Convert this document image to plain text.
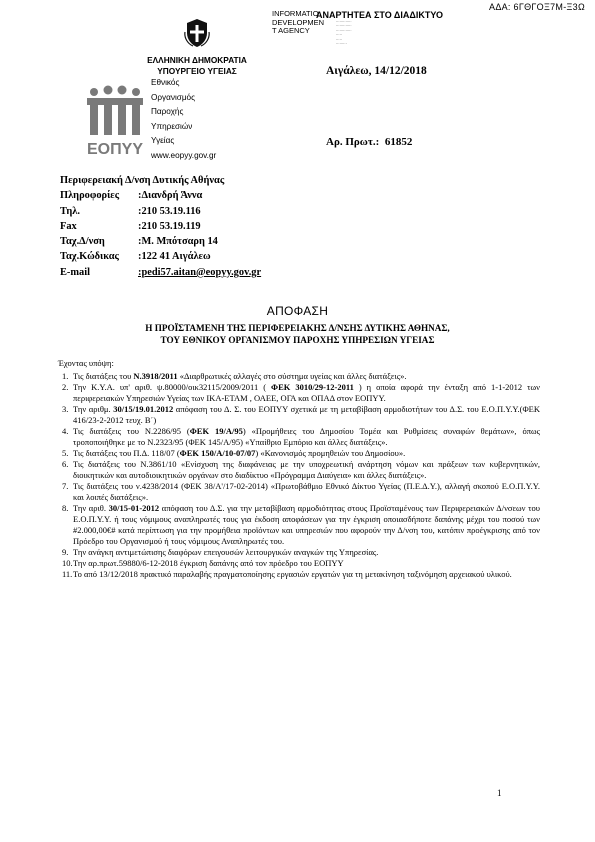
ΑΔΑ: 6ΓΘΓΟΞ7Μ-Ξ3Ω
INFORMATIO
DEVELOPMEN
T AGENCY
ΑΝΑΡΤΗΤΕΑ ΣΤΟ ΔΙΑΔΙΚΤΥΟ
·············
·············
·············
·····
·····
·········
ΕΛΛΗΝΙΚΗ ΔΗΜΟΚΡΑΤΙΑ
ΥΠΟΥΡΓΕΙΟ ΥΓΕΙΑΣ
ΕΟΠΥΥ
Εθνικός
Οργανισμός
Παροχής
Υπηρεσιών
Υγείας
www.eopyy.gov.gr
Αιγάλεω, 14/12/2018
Αρ. Πρωτ.: 61852
Περιφερειακή Δ/νση Δυτικής Αθήνας
Πληροφορίες	:Διανδρή Άννα
Τηλ.	:210 53.19.116
Fax	:210 53.19.119
Ταχ.Δ/νση	:Μ. Μπότσαρη 14
Ταχ.Κώδικας	:122 41 Αιγάλεω
E-mail	:pedi57.aitan@eopyy.gov.gr
ΑΠΟΦΑΣΗ
Η ΠΡΟΪΣΤΑΜΕΝΗ ΤΗΣ ΠΕΡΙΦΕΡΕΙΑΚΗΣ Δ/ΝΣΗΣ ΔΥΤΙΚΗΣ ΑΘΗΝΑΣ,
ΤΟΥ ΕΘΝΙΚΟΥ ΟΡΓΑΝΙΣΜΟΥ ΠΑΡΟΧΗΣ ΥΠΗΡΕΣΙΩΝ ΥΓΕΙΑΣ
Έχοντας υπόψη:
1. Τις διατάξεις του Ν.3918/2011 «Διαρθρωτικές αλλαγές στο σύστημα υγείας και άλλες διατάξεις».
2. Την Κ.Υ.Α. υπ' αριθ. ψ.80000/οικ32115/2009/2011 ( ΦΕΚ 3010/29-12-2011 ) η οποία αφορά την ένταξη από 1-1-2012 των περιφερειακών Υπηρεσιών Υγείας των ΙΚΑ-ΕΤΑΜ , ΟΑΕΕ, ΟΓΑ και ΟΠΑΔ στον ΕΟΠΥΥ.
3. Την αριθμ. 30/15/19.01.2012 απόφαση του Δ. Σ. του ΕΟΠΥΥ σχετικά με τη μεταβίβαση αρμοδιοτήτων του Δ.Σ. του Ε.Ο.Π.Υ.Υ.(ΦΕΚ 416/23-2-2012 τευχ. Β΄)
4. Τις διατάξεις του Ν.2286/95 (ΦΕΚ 19/Α/95) «Προμήθειες του Δημοσίου Τομέα και Ρυθμίσεις συναφών θεμάτων», όπως τροποποιήθηκε με το Ν.2323/95 (ΦΕΚ 145/Α/95) «Υπαίθριο Εμπόριο και άλλες διατάξεις».
5. Τις διατάξεις του Π.Δ. 118/07 (ΦΕΚ 150/Α/10-07/07) «Κανονισμός προμηθειών του Δημοσίου».
6. Τις διατάξεις του Ν.3861/10 «Ενίσχυση της διαφάνειας με την υποχρεωτική ανάρτηση νόμων και πράξεων των κυβερνητικών, διοικητικών και αυτοδιοικητικών οργάνων στο διαδίκτυο «Πρόγραμμα Διαύγεια» και άλλες διατάξεις».
7. Τις διατάξεις του ν.4238/2014 (ΦΕΚ 38/Α'/17-02-2014) «Πρωτοβάθμιο Εθνικό Δίκτυο Υγείας (Π.Ε.Δ.Υ.), αλλαγή σκοπού Ε.Ο.Π.Υ.Υ. και λοιπές διατάξεις».
8. Την αριθ. 30/15-01-2012 απόφαση του Δ.Σ. για την μεταβίβαση αρμοδιότητας στους Προϊσταμένους των Περιφερειακών Δ/νσεων του Ε.Ο.Π.Υ.Υ. ή τους νόμιμους αναπληρωτές τους για έκδοση αποφάσεων για την έγκριση οποιασδήποτε δαπάνης μέχρι του ποσού των #2.000,00€# κατά περίπτωση για την προμήθεια προϊόντων και υπηρεσιών που αφορούν την Δ/νση του, κατόπιν προέγκρισης από τον Πρόεδρο του Οργανισμού ή τους νόμιμους Αναπληρωτές του.
9. Την ανάγκη αντιμετώπισης διαφόρων επειγουσών λειτουργικών αναγκών της Υπηρεσίας.
10. Την αρ.πρωτ.59880/6-12-2018 έγκριση δαπάνης από τον πρόεδρο του ΕΟΠΥΥ
11. Το από 13/12/2018 πρακτικό παραλαβής πραγματοποίησης εργασιών εργατών για τη μετακίνηση ταξινόμηση αρχειακού υλικού.
1
